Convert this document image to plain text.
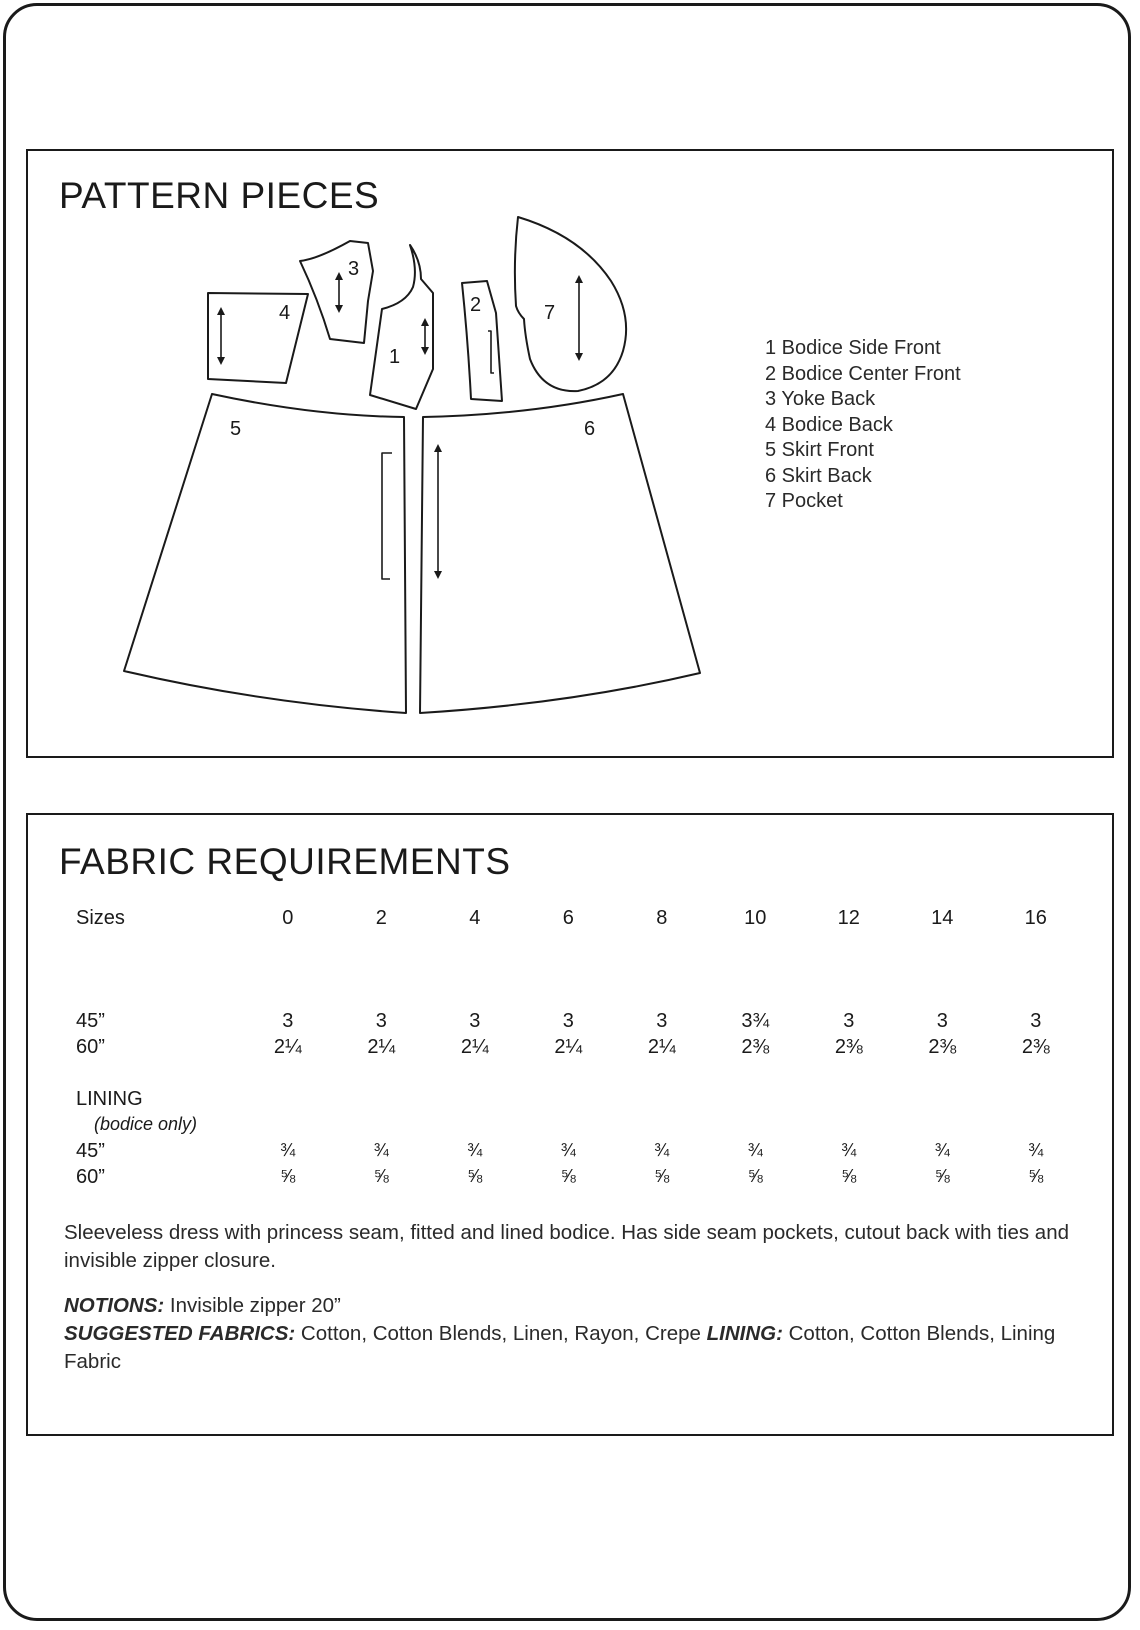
PATTERN PIECES
4
3
1
2	7
5	6
1 Bodice Side Front
2 Bodice Center Front
3 Yoke Back
4 Bodice Back
5 Skirt Front
6 Skirt Back
7 Pocket
FABRIC REQUIREMENTS
Sizes	0	2	4	6	8	10	12	14	16

45”	3	3	3	3	3	3¾	3	3	3
60”	2¼	2¼	2¼	2¼	2¼	2⅜	2⅜	2⅜	2⅜

LINING									
(bodice only)									
45”	¾	¾	¾	¾	¾	¾	¾	¾	¾
60”	⅝	⅝	⅝	⅝	⅝	⅝	⅝	⅝	⅝

Sleeveless dress with princess seam, fitted and lined bodice. Has side seam pockets, cutout back with ties and invisible zipper closure.

NOTIONS: Invisible zipper 20”
SUGGESTED FABRICS: Cotton, Cotton Blends, Linen, Rayon, Crepe LINING: Cotton, Cotton Blends, Lining Fabric
